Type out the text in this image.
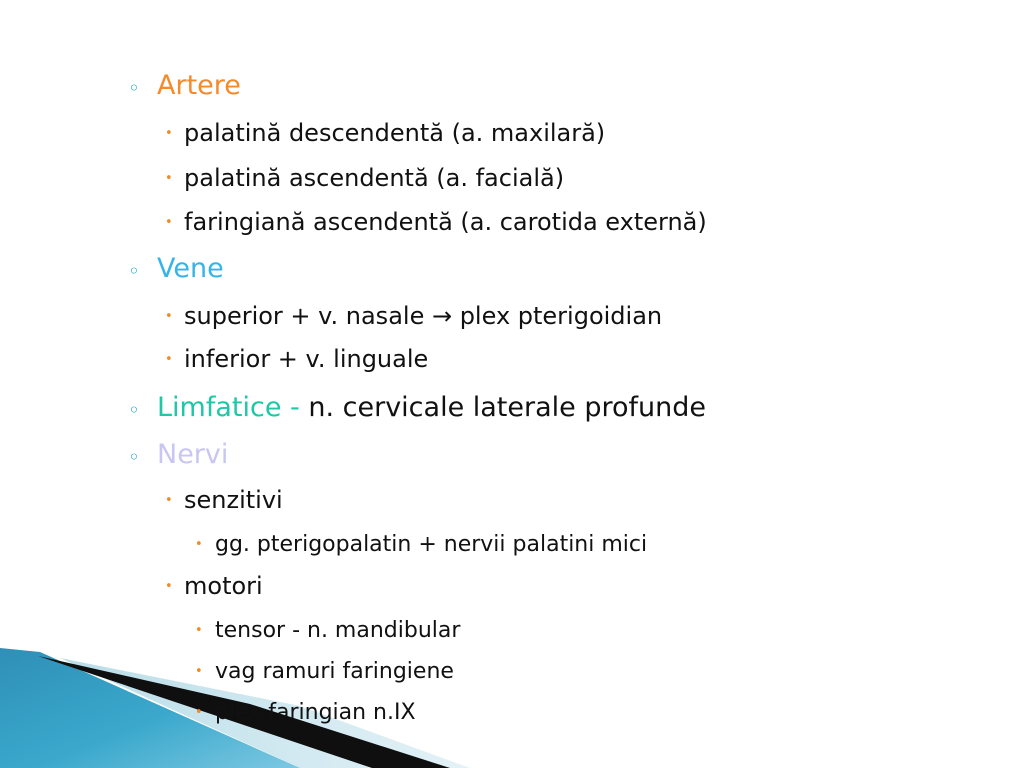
◦ Artere
• palatină descendentă (a. maxilară)
• palatină ascendentă (a. facială)
• faringiană ascendentă (a. carotida externă)
◦ Vene
• superior + v. nasale → plex pterigoidian
• inferior + v. linguale
◦ Limfatice - n. cervicale laterale profunde
◦ Nervi
• senzitivi
• gg. pterigopalatin + nervii palatini mici
• motori
• tensor - n. mandibular
• vag ramuri faringiene
• plex faringian n.IX
